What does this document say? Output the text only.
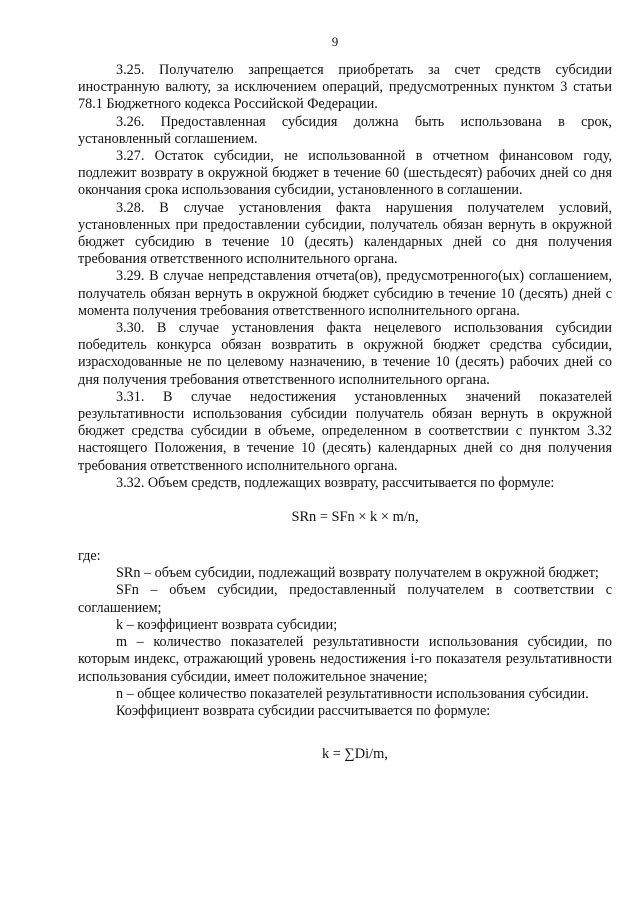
9

3.25. Получателю запрещается приобретать за счет средств субсидии иностранную валюту, за исключением операций, предусмотренных пунктом 3 статьи 78.1 Бюджетного кодекса Российской Федерации.

3.26. Предоставленная субсидия должна быть использована в срок, установленный соглашением.

3.27. Остаток субсидии, не использованной в отчетном финансовом году, подлежит возврату в окружной бюджет в течение 60 (шестьдесят) рабочих дней со дня окончания срока использования субсидии, установленного в соглашении.

3.28. В случае установления факта нарушения получателем условий, установленных при предоставлении субсидии, получатель обязан вернуть в окружной бюджет субсидию в течение 10 (десять) календарных дней со дня получения требования ответственного исполнительного органа.

3.29. В случае непредставления отчета(ов), предусмотренного(ых) соглашением, получатель обязан вернуть в окружной бюджет субсидию в течение 10 (десять) дней с момента получения требования ответственного исполнительного органа.

3.30. В случае установления факта нецелевого использования субсидии победитель конкурса обязан возвратить в окружной бюджет средства субсидии, израсходованные не по целевому назначению, в течение 10 (десять) рабочих дней со дня получения требования ответственного исполнительного органа.

3.31. В случае недостижения установленных значений показателей результативности использования субсидии получатель обязан вернуть в окружной бюджет средства субсидии в объеме, определенном в соответствии с пунктом 3.32 настоящего Положения, в течение 10 (десять) календарных дней со дня получения требования ответственного исполнительного органа.

3.32. Объем средств, подлежащих возврату, рассчитывается по формуле:

SRn = SFn × k × m/n,

где:

SRn – объем субсидии, подлежащий возврату получателем в окружной бюджет;

SFn – объем субсидии, предоставленный получателем в соответствии с соглашением;

k – коэффициент возврата субсидии;

m – количество показателей результативности использования субсидии, по которым индекс, отражающий уровень недостижения i-го показателя результативности использования субсидии, имеет положительное значение;

n – общее количество показателей результативности использования субсидии.

Коэффициент возврата субсидии рассчитывается по формуле:

k = ∑Di/m,
